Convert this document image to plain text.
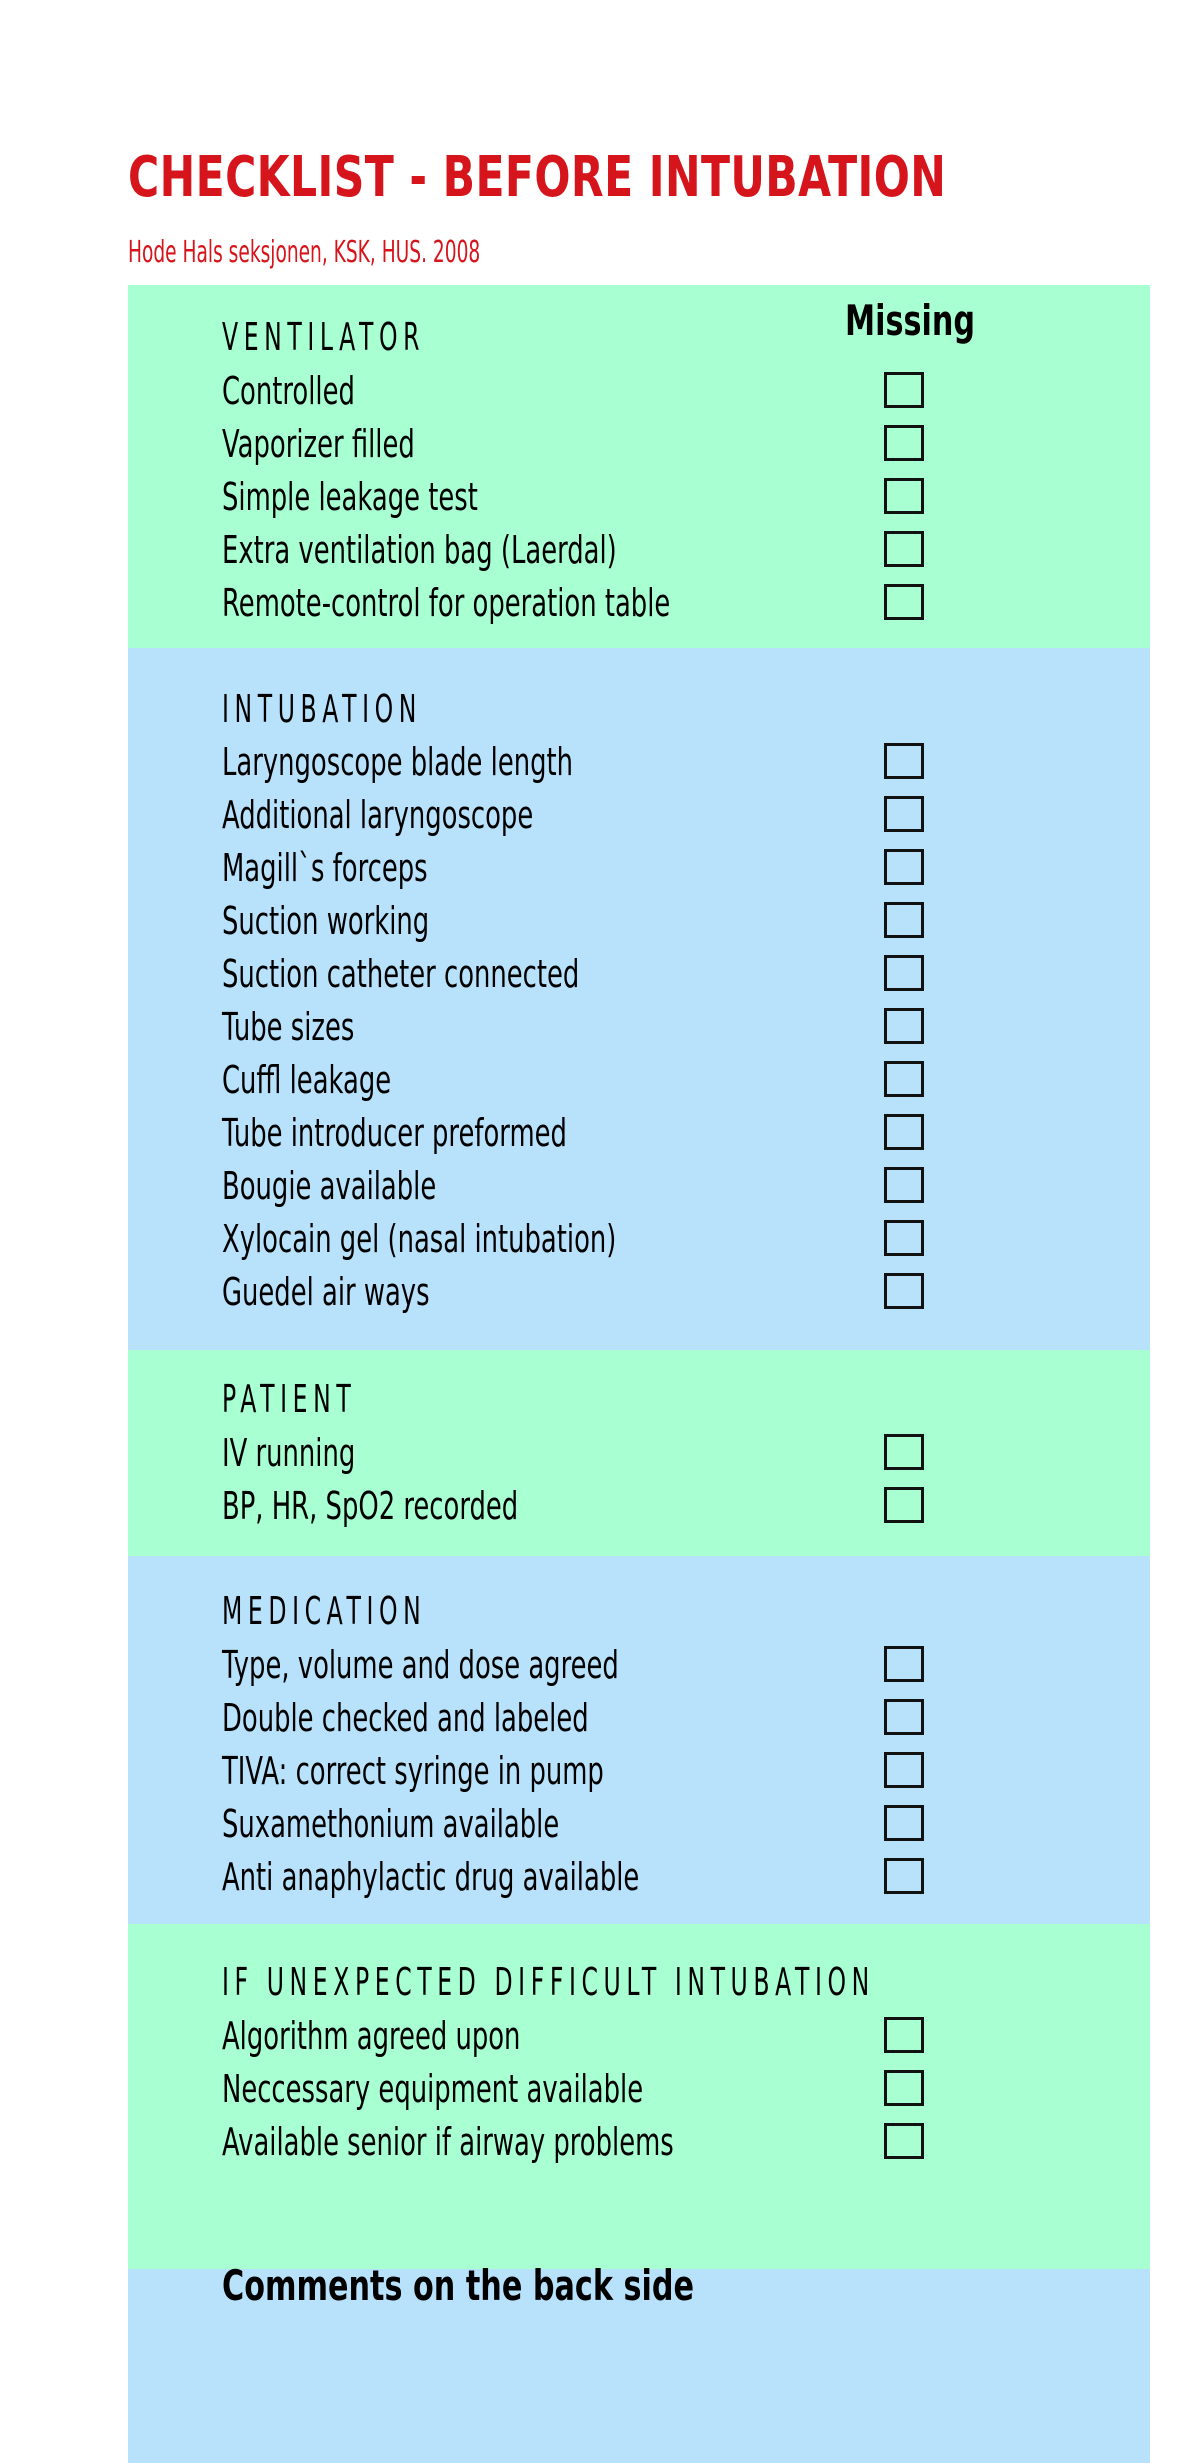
CHECKLIST - BEFORE INTUBATION
Hode Hals seksjonen, KSK, HUS. 2008
Missing
VENTILATOR
Controlled
Vaporizer filled
Simple leakage test
Extra ventilation bag (Laerdal)
Remote-control for operation table
INTUBATION
Laryngoscope blade length
Additional laryngoscope
Magill`s forceps
Suction working
Suction catheter connected
Tube sizes
Cuffl leakage
Tube introducer preformed
Bougie available
Xylocain gel (nasal intubation)
Guedel air ways
PATIENT
IV running
BP, HR, SpO2 recorded
MEDICATION
Type, volume and dose agreed
Double checked and labeled
TIVA: correct syringe in pump
Suxamethonium available
Anti anaphylactic drug available
IF UNEXPECTED DIFFICULT INTUBATION
Algorithm agreed upon
Neccessary equipment available
Available senior if airway problems
Comments on the back side
